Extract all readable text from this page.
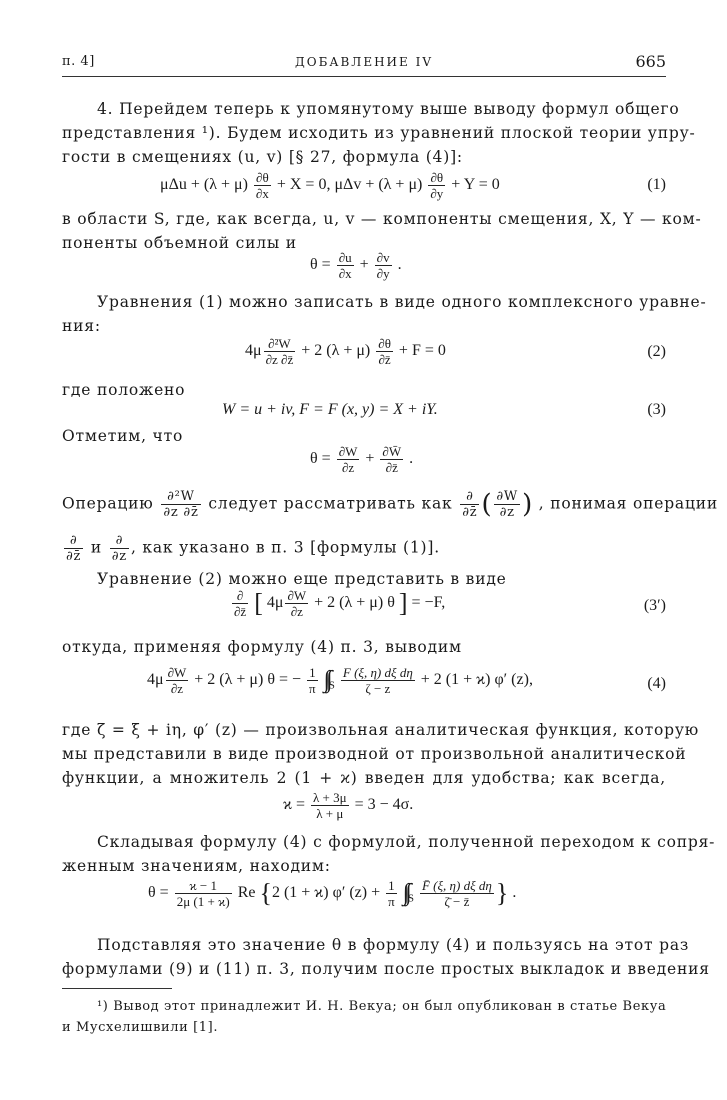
п. 4]	ДОБАВЛЕНИЕ IV	665
4. Перейдем теперь к упомянутому выше выводу формул общего
представления ¹). Будем исходить из уравнений плоской теории упру-
гости в смещениях (u, v) [§ 27, формула (4)]:
$\mu\Delta u + (\lambda + \mu) \frac{\partial\theta}{\partial x} + X = 0$, $\mu\Delta v + (\lambda + \mu) \frac{\partial\theta}{\partial y} + Y = 0$	(1)
в области S, где, как всегда, u, v — компоненты смещения, X, Y — ком-
поненты объемной силы и
$\theta = \frac{\partial u}{\partial x} + \frac{\partial v}{\partial y}$ .
Уравнения (1) можно записать в виде одного комплексного уравне-
ния:
$4\mu \frac{\text{∂²W}}{\partial z \partial z̄} + 2$ $(\lambda + \mu) \frac{\partial\theta}{\partial z̄} + F = 0$	(2)
где положено
W = u + iv, F = F (x, y) = X + iY.	(3)
Отметим, что
$\theta = \frac{\partial W}{\partial z} + \frac{\partial W̄}{\partial z̄}$ .
Операцию $\frac{\text{∂²W}}{\partial z \partial z̄}$ следует рассматривать как $\frac{\partial}{\partial z̄}$ ( $\frac{\partial W}{\partial z}$ ) , понимая операции
$\frac{\partial}{\partial z̄}$ и $\frac{\partial}{\partial z}$ , как указано в п. 3 [формулы (1)].
Уравнение (2) можно еще представить в виде
$\frac{\partial}{\partial z̄}$ [ $4\mu \frac{\partial W}{\partial z} + 2$ (λ + μ) θ ] = −F,	(3′)
откуда, применяя формулу (4) п. 3, выводим
$4\mu \frac{\partial W}{\partial z} + 2$ (λ + μ) θ = − $\frac{1}{\pi} \int\int_S \frac{\text{F (ξ, η) dξ dη}}{\zeta - z} + 2$ (1 + ϰ) φ′ (z),	(4)
где ζ = ξ + iη, φ′ (z) — произвольная аналитическая функция, которую
мы представили в виде производной от произвольной аналитической
функции, а множитель 2 (1 + ϰ) введен для удобства; как всегда,
$ϰ = \frac{\lambda + 3\mu}{\lambda + \mu} = 3 - 4\sigma$.
Складывая формулу (4) с формулой, полученной переходом к сопря-
женным значениям, находим:
$\theta = \frac{ϰ - 1}{2\mu (1 + ϰ)}$ Re {2 (1 + ϰ) φ′ $(z) + \frac{1}{\pi} \int\int_S \frac{\text{F̄ (ξ, η) dξ dη}}{\zetā - z̄}$ } .
Подставляя это значение θ в формулу (4) и пользуясь на этот раз
формулами (9) и (11) п. 3, получим после простых выкладок и введения
¹) Вывод этот принадлежит И. Н. Векуа; он был опубликован в статье Векуа
и Мусхелишвили [1].
